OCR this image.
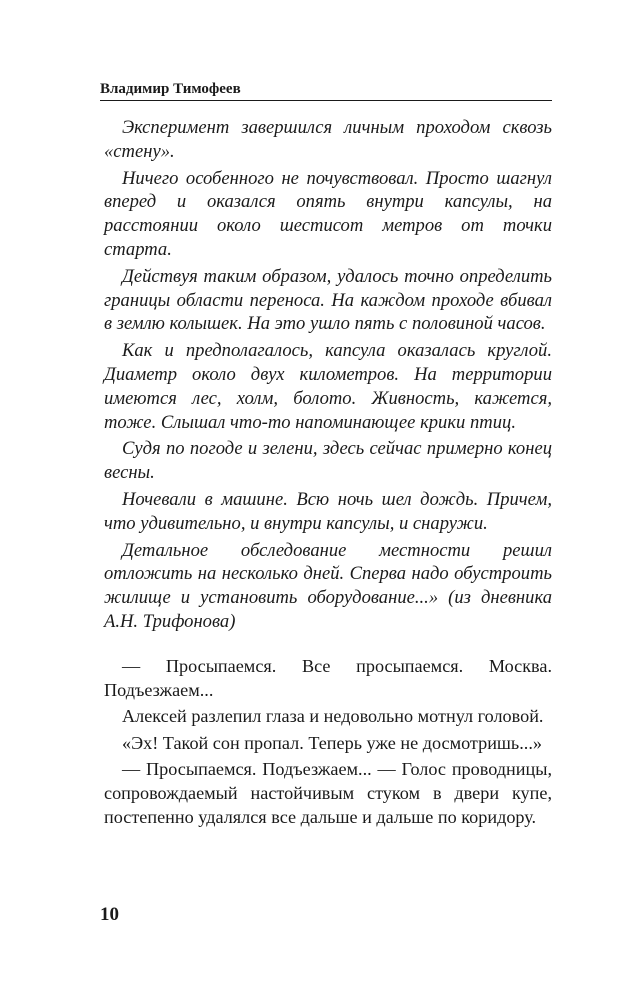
Владимир Тимофеев

Эксперимент завершился личным проходом сквозь «стену».

Ничего особенного не почувствовал. Просто шагнул вперед и оказался опять внутри капсулы, на расстоянии около шестисот метров от точки старта.

Действуя таким образом, удалось точно определить границы области переноса. На каждом проходе вбивал в землю колышек. На это ушло пять с половиной часов.

Как и предполагалось, капсула оказалась круглой. Диаметр около двух километров. На территории имеются лес, холм, болото. Живность, кажется, тоже. Слышал что-то напоминающее крики птиц.

Судя по погоде и зелени, здесь сейчас примерно конец весны.

Ночевали в машине. Всю ночь шел дождь. Причем, что удивительно, и внутри капсулы, и снаружи.

Детальное обследование местности решил отложить на несколько дней. Сперва надо обустроить жилище и установить оборудование...» (из дневника А.Н. Трифонова)

— Просыпаемся. Все просыпаемся. Москва. Подъезжаем...

Алексей разлепил глаза и недовольно мотнул головой.

«Эх! Такой сон пропал. Теперь уже не досмотришь...»

— Просыпаемся. Подъезжаем... — Голос проводницы, сопровождаемый настойчивым стуком в двери купе, постепенно удалялся все дальше и дальше по коридору.

10
